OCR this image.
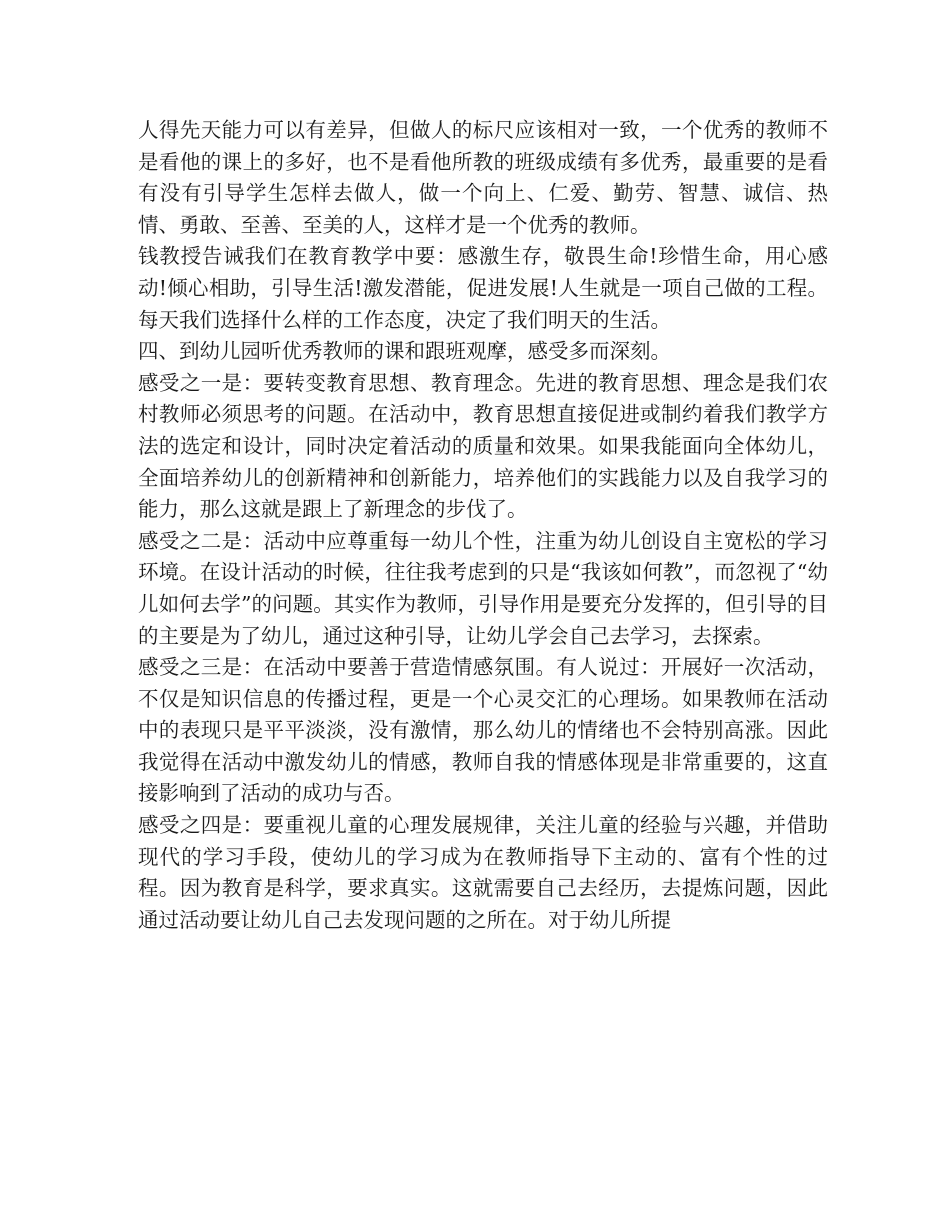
人得先天能力可以有差异，但做人的标尺应该相对一致，一个优秀的教师不是看他的课上的多好，也不是看他所教的班级成绩有多优秀，最重要的是看有没有引导学生怎样去做人，做一个向上、仁爱、勤劳、智慧、诚信、热情、勇敢、至善、至美的人，这样才是一个优秀的教师。

钱教授告诫我们在教育教学中要：感激生存，敬畏生命!珍惜生命，用心感动!倾心相助，引导生活!激发潜能，促进发展!人生就是一项自己做的工程。每天我们选择什么样的工作态度，决定了我们明天的生活。

四、到幼儿园听优秀教师的课和跟班观摩，感受多而深刻。

感受之一是：要转变教育思想、教育理念。先进的教育思想、理念是我们农村教师必须思考的问题。在活动中，教育思想直接促进或制约着我们教学方法的选定和设计，同时决定着活动的质量和效果。如果我能面向全体幼儿，全面培养幼儿的创新精神和创新能力，培养他们的实践能力以及自我学习的能力，那么这就是跟上了新理念的步伐了。

感受之二是：活动中应尊重每一幼儿个性，注重为幼儿创设自主宽松的学习环境。在设计活动的时候，往往我考虑到的只是“我该如何教”，而忽视了“幼儿如何去学”的问题。其实作为教师，引导作用是要充分发挥的，但引导的目的主要是为了幼儿，通过这种引导，让幼儿学会自己去学习，去探索。

感受之三是：在活动中要善于营造情感氛围。有人说过：开展好一次活动，不仅是知识信息的传播过程，更是一个心灵交汇的心理场。如果教师在活动中的表现只是平平淡淡，没有激情，那么幼儿的情绪也不会特别高涨。因此我觉得在活动中激发幼儿的情感，教师自我的情感体现是非常重要的，这直接影响到了活动的成功与否。

感受之四是：要重视儿童的心理发展规律，关注儿童的经验与兴趣，并借助现代的学习手段，使幼儿的学习成为在教师指导下主动的、富有个性的过程。因为教育是科学，要求真实。这就需要自己去经历，去提炼问题，因此通过活动要让幼儿自己去发现问题的之所在。对于幼儿所提
